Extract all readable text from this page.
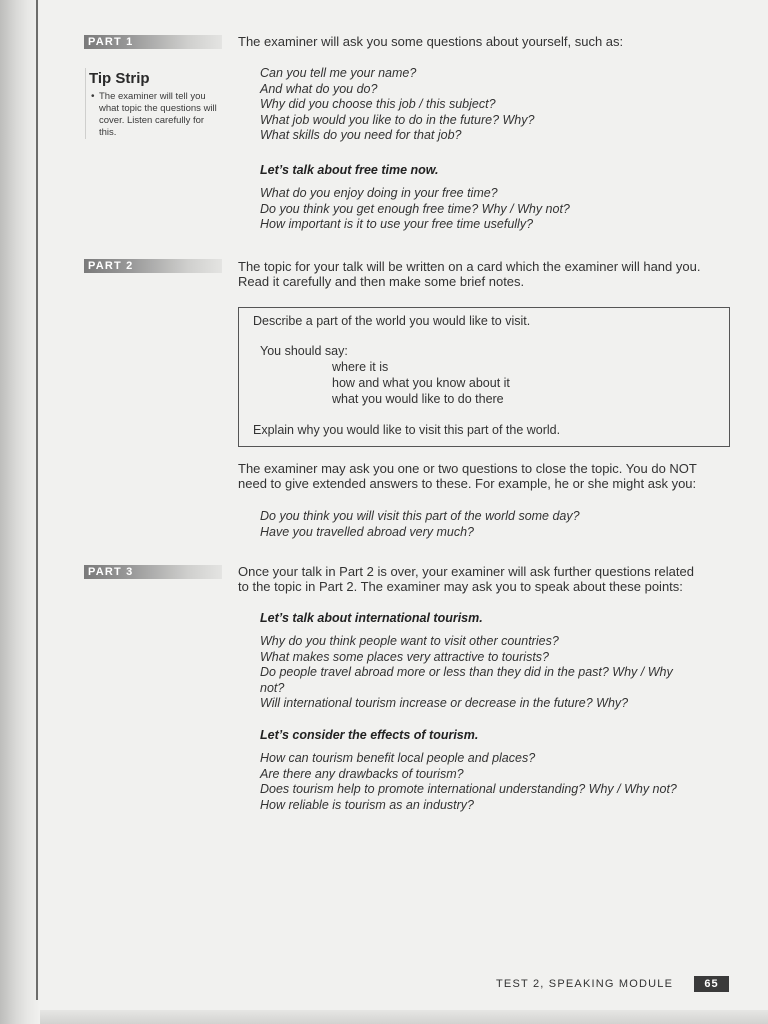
PART 1
Tip Strip
• The examiner will tell you what topic the questions will cover. Listen carefully for this.
The examiner will ask you some questions about yourself, such as:
Can you tell me your name?
And what do you do?
Why did you choose this job / this subject?
What job would you like to do in the future? Why?
What skills do you need for that job?
Let’s talk about free time now.
What do you enjoy doing in your free time?
Do you think you get enough free time? Why / Why not?
How important is it to use your free time usefully?
PART 2	The topic for your talk will be written on a card which the examiner will hand you.
Read it carefully and then make some brief notes.
Describe a part of the world you would like to visit.
You should say:
where it is
how and what you know about it
what you would like to do there
Explain why you would like to visit this part of the world.
The examiner may ask you one or two questions to close the topic. You do NOT
need to give extended answers to these. For example, he or she might ask you:
Do you think you will visit this part of the world some day?
Have you travelled abroad very much?
PART 3	Once your talk in Part 2 is over, your examiner will ask further questions related
to the topic in Part 2. The examiner may ask you to speak about these points:
Let’s talk about international tourism.
Why do you think people want to visit other countries?
What makes some places very attractive to tourists?
Do people travel abroad more or less than they did in the past? Why / Why
not?
Will international tourism increase or decrease in the future? Why?
Let’s consider the effects of tourism.
How can tourism benefit local people and places?
Are there any drawbacks of tourism?
Does tourism help to promote international understanding? Why / Why not?
How reliable is tourism as an industry?
TEST 2, SPEAKING MODULE	65
